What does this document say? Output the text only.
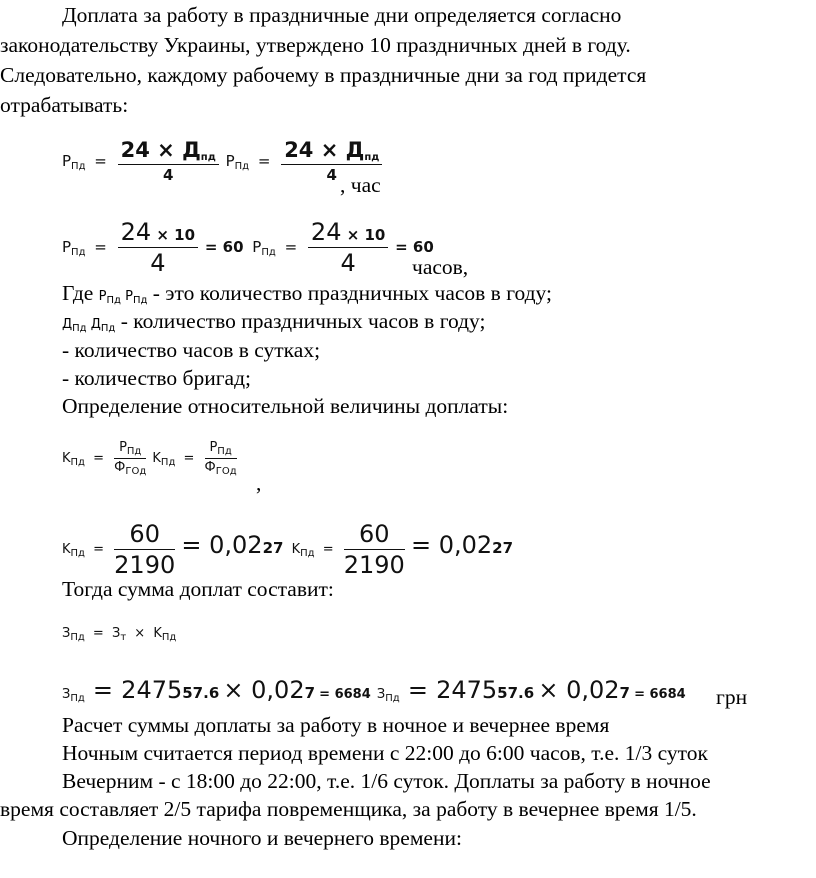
Доплата за работу в праздничные дни определяется согласно
законодательству Украины, утверждено 10 праздничных дней в году.
Следовательно, каждому рабочему в праздничные дни за год придется
отрабатывать:
$P_{Пд} = \frac{24 \times Д_{пд}}{4} P_{Пд} = \frac{24 \times Д_{пд}}{4}$
, час
$P_{Пд} = \frac{24 \times 10}{4} = 60$ $P_{Пд} = \frac{24 \times 10}{4} = 60$
часов,
Где $P_{Пд}$ $P_{Пд}$ - это количество праздничных часов в году;
$Д_{Пд}$ $Д_{Пд}$ - количество праздничных часов в году;
- количество часов в сутках;
- количество бригад;
Определение относительной величины доплаты:
$K_{Пд} = \frac{P_{Пд}}{Ф_{ГОд}} K_{Пд} = \frac{P_{Пд}}{Ф_{ГОд}}$
,
$K_{Пд} = \frac{60}{2190} = 0,0227$ $K_{Пд} = \frac{60}{2190} = 0,0227$
Тогда сумма доплат составит:
$З_{Пд} = З_т \times K_{Пд}$
$З_{Пд} = 247557.6 \times 0,027 = 6684$ $З_{Пд} = 247557.6 \times 0,027 = 6684$ грн
Расчет суммы доплаты за работу в ночное и вечернее время
Ночным считается период времени с 22:00 до 6:00 часов, т.е. 1/3 суток
Вечерним - с 18:00 до 22:00, т.е. 1/6 суток. Доплаты за работу в ночное
время составляет 2/5 тарифа повременщика, за работу в вечернее время 1/5.
Определение ночного и вечернего времени:
